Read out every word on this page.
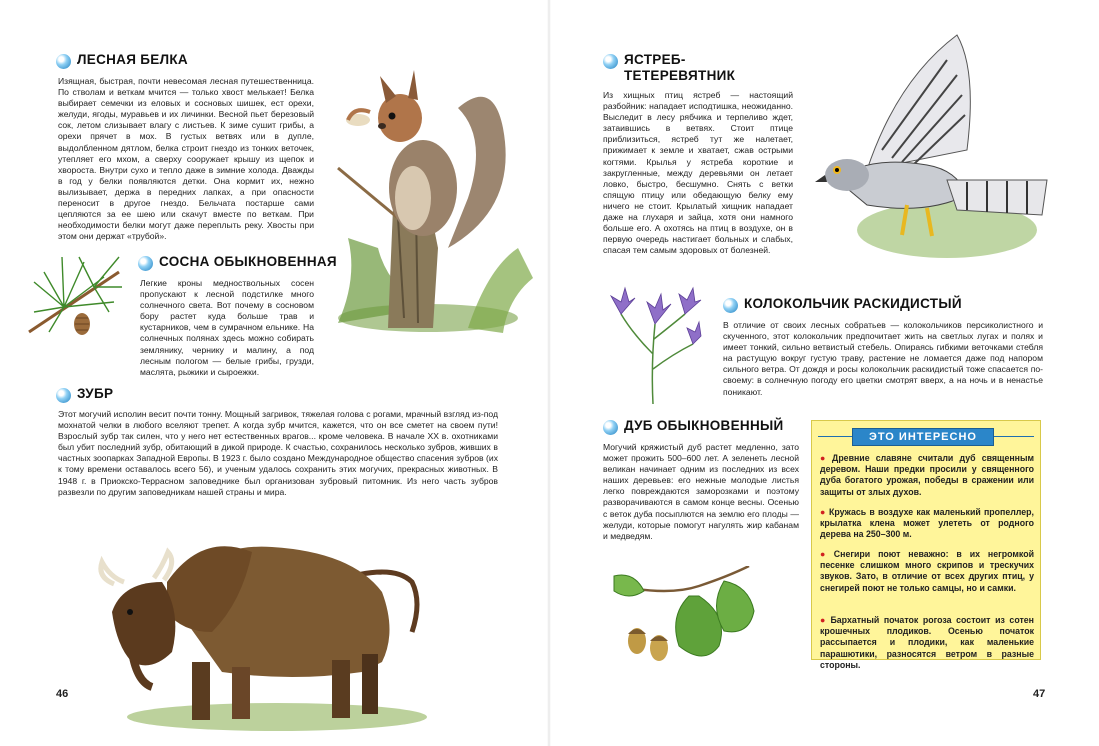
ЛЕСНАЯ БЕЛКА

Изящная, быстрая, почти невесомая лесная путешественница. По стволам и веткам мчится — только хвост мелькает! Белка выбирает семечки из еловых и сосновых шишек, ест орехи, желуди, ягоды, муравьев и их личинки. Весной пьет березовый сок, летом слизывает влагу с листьев. К зиме сушит грибы, а орехи прячет в мох. В густых ветвях или в дупле, выдолбленном дятлом, белка строит гнездо из тонких веточек, утепляет его мхом, а сверху сооружает крышу из щепок и хвороста. Внутри сухо и тепло даже в зимние холода. Дважды в год у белки появляются детки. Она кормит их, нежно вылизывает, держа в передних лапках, а при опасности переносит в другое гнездо. Бельчата постарше сами цепляются за ее шею или скачут вместе по веткам. При необходимости белки могут даже переплыть реку. Хвосты при этом они держат «трубой».

СОСНА ОБЫКНОВЕННАЯ

Легкие кроны медноствольных сосен пропускают к лесной подстилке много солнечного света. Вот почему в сосновом бору растет куда больше трав и кустарников, чем в сумрачном ельнике. На солнечных полянах здесь можно собирать землянику, чернику и малину, а под лесным пологом — белые грибы, грузди, маслята, рыжики и сыроежки.

ЗУБР

Этот могучий исполин весит почти тонну. Мощный загривок, тяжелая голова с рогами, мрачный взгляд из-под мохнатой челки в любого вселяют трепет. А когда зубр мчится, кажется, что он все сметет на своем пути! Взрослый зубр так силен, что у него нет естественных врагов... кроме человека. В начале XX в. охотниками был убит последний зубр, обитающий в дикой природе. К счастью, сохранилось несколько зубров, живших в частных зоопарках Западной Европы. В 1923 г. было создано Международное общество спасения зубров (их к тому времени оставалось всего 56), и ученым удалось сохранить этих могучих, прекрасных животных. В 1948 г. в Приокско-Террасном заповеднике был организован зубровый питомник. Из него часть зубров развезли по другим заповедникам нашей страны и мира.

46
ЯСТРЕБ-
ТЕТЕРЕВЯТНИК

Из хищных птиц ястреб — настоящий разбойник: нападает исподтишка, неожиданно. Выследит в лесу рябчика и терпеливо ждет, затаившись в ветвях. Стоит птице приблизиться, ястреб тут же налетает, прижимает к земле и хватает, сжав острыми когтями. Крылья у ястреба короткие и закругленные, между деревьями он летает ловко, быстро, бесшумно. Снять с ветки спящую птицу или обедающую белку ему ничего не стоит. Крылатый хищник нападает даже на глухаря и зайца, хотя они намного больше его. А охотясь на птиц в воздухе, он в первую очередь настигает больных и слабых, спасая тем самым здоровых от болезней.

КОЛОКОЛЬЧИК РАСКИДИСТЫЙ

В отличие от своих лесных собратьев — колокольчиков персиколистного и скученного, этот колокольчик предпочитает жить на светлых лугах и полях и имеет тонкий, сильно ветвистый стебель. Опираясь гибкими веточками стебля на растущую вокруг густую траву, растение не ломается даже под напором сильного ветра. От дождя и росы колокольчик раскидистый тоже спасается по-своему: в солнечную погоду его цветки смотрят вверх, а на ночь и в ненастье поникают.

ДУБ ОБЫКНОВЕННЫЙ

Могучий кряжистый дуб растет медленно, зато может прожить 500–600 лет. А зеленеть лесной великан начинает одним из последних из всех наших деревьев: его нежные молодые листья легко повреждаются заморозками и поэтому разворачиваются в самом конце весны. Осенью с веток дуба посыплются на землю его плоды — желуди, которые помогут нагулять жир кабанам и медведям.

ЭТО ИНТЕРЕСНО

● Древние славяне считали дуб священным деревом. Наши предки просили у священного дуба богатого урожая, победы в сражении или защиты от злых духов.

● Кружась в воздухе как маленький пропеллер, крылатка клена может улететь от родного дерева на 250–300 м.

● Снегири поют неважно: в их негромкой песенке слишком много скрипов и трескучих звуков. Зато, в отличие от всех других птиц, у снегирей поют не только самцы, но и самки.

● Бархатный початок рогоза состоит из сотен крошечных плодиков. Осенью початок рассыпается и плодики, как маленькие парашютики, разносятся ветром в разные стороны.

47
